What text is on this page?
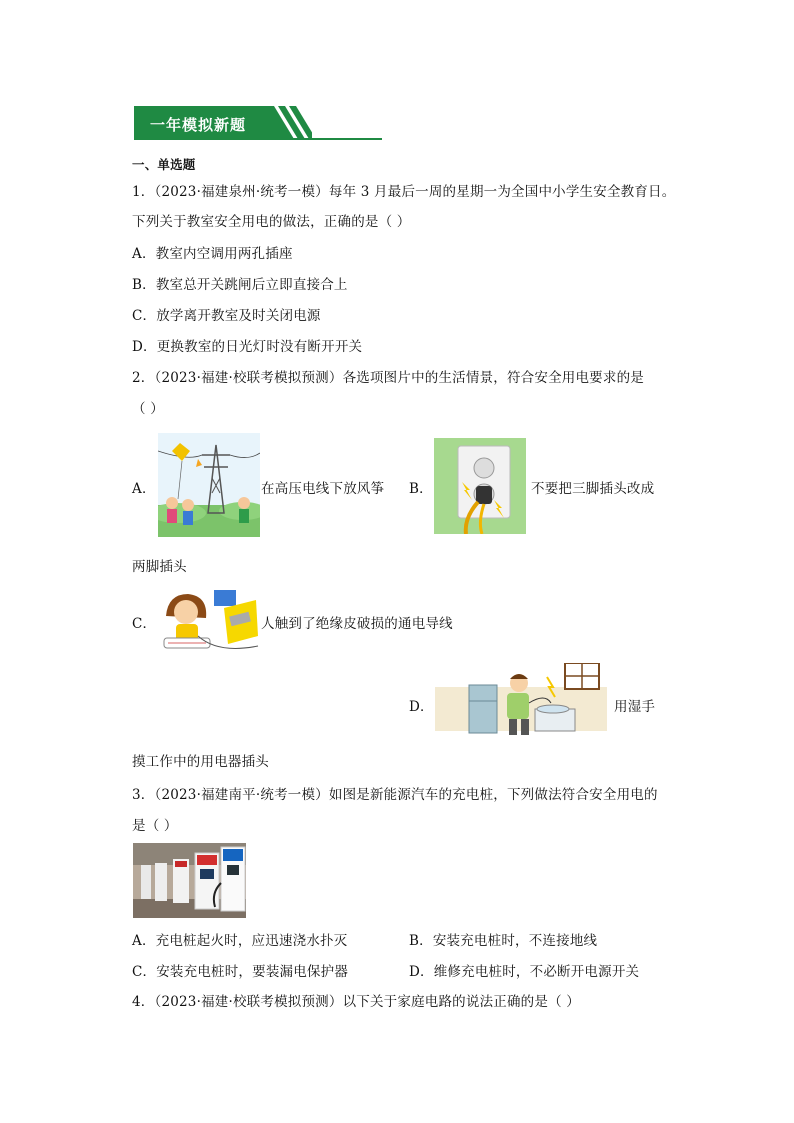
一年模拟新题
一、单选题
1．（2023·福建泉州·统考一模）每年 3 月最后一周的星期一为全国中小学生安全教育日。
下列关于教室安全用电的做法，正确的是（ ）
A．教室内空调用两孔插座
B．教室总开关跳闸后立即直接合上
C．放学离开教室及时关闭电源
D．更换教室的日光灯时没有断开开关
2．（2023·福建·校联考模拟预测）各选项图片中的生活情景，符合安全用电要求的是
（ ）
A．	在高压电线下放风筝 B．	不要把三脚插头改成
两脚插头
C．	人触到了绝缘皮破损的通电导线
D．	用湿手
摸工作中的用电器插头
3．（2023·福建南平·统考一模）如图是新能源汽车的充电桩，下列做法符合安全用电的
是（ ）
A．充电桩起火时，应迅速浇水扑灭	B．安装充电桩时，不连接地线
C．安装充电桩时，要装漏电保护器	D．维修充电桩时，不必断开电源开关
4．（2023·福建·校联考模拟预测）以下关于家庭电路的说法正确的是（ ）
